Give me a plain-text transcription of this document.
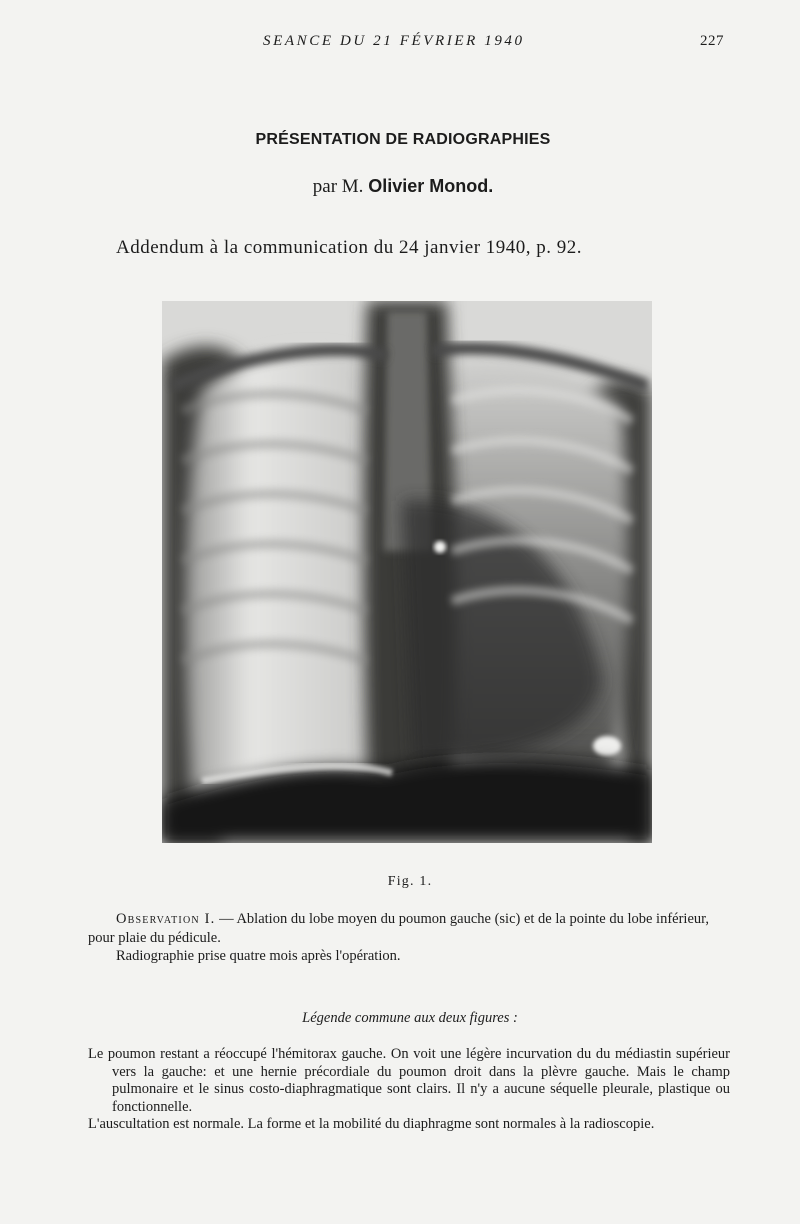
SEANCE DU 21 FÉVRIER 1940	227
PRÉSENTATION DE RADIOGRAPHIES
par M. Olivier Monod.
Addendum à la communication du 24 janvier 1940, p. 92.
Fig. 1.

Observation I. — Ablation du lobe moyen du poumon gauche (sic) et de la pointe du lobe inférieur, pour plaie du pédicule.

Radiographie prise quatre mois après l'opération.

Légende commune aux deux figures :

Le poumon restant a réoccupé l'hémitorax gauche. On voit une légère incurvation du du médiastin supérieur vers la gauche: et une hernie précordiale du poumon droit dans la plèvre gauche. Mais le champ pulmonaire et le sinus costo-diaphragmatique sont clairs. Il n'y a aucune séquelle pleurale, plastique ou fonctionnelle.

L'auscultation est normale. La forme et la mobilité du diaphragme sont normales à la radioscopie.
